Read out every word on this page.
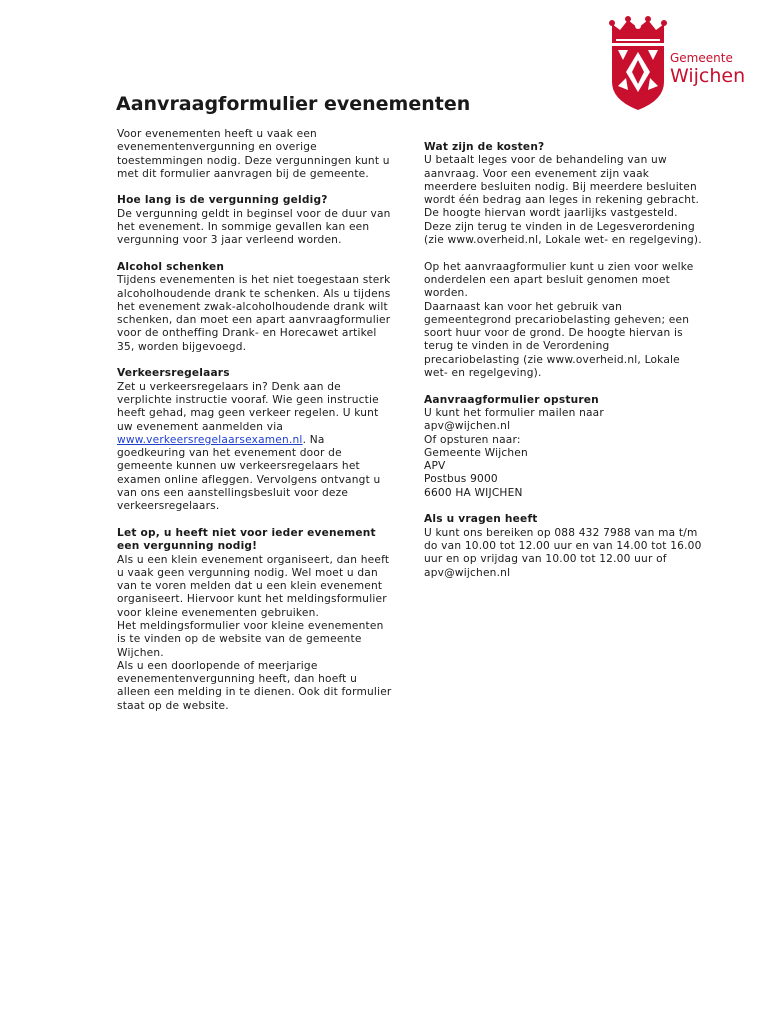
Gemeente
Wijchen
Aanvraagformulier evenementen
Voor evenementen heeft u vaak een evenementenvergunning en overige toestemmingen nodig. Deze vergunningen kunt u met dit formulier aanvragen bij de gemeente.
Hoe lang is de vergunning geldig?
De vergunning geldt in beginsel voor de duur van het evenement. In sommige gevallen kan een vergunning voor 3 jaar verleend worden.
Alcohol schenken
Tijdens evenementen is het niet toegestaan sterk alcoholhoudende drank te schenken. Als u tijdens het evenement zwak-alcoholhoudende drank wilt schenken, dan moet een apart aanvraagformulier voor de ontheffing Drank- en Horecawet artikel 35, worden bijgevoegd.
Verkeersregelaars
Zet u verkeersregelaars in? Denk aan de verplichte instructie vooraf. Wie geen instructie heeft gehad, mag geen verkeer regelen. U kunt uw evenement aanmelden via www.verkeersregelaarsexamen.nl. Na goedkeuring van het evenement door de gemeente kunnen uw verkeersregelaars het examen online afleggen. Vervolgens ontvangt u van ons een aanstellingsbesluit voor deze verkeersregelaars.
Let op, u heeft niet voor ieder evenement een vergunning nodig!
Als u een klein evenement organiseert, dan heeft u vaak geen vergunning nodig. Wel moet u dan van te voren melden dat u een klein evenement organiseert. Hiervoor kunt het meldingsformulier voor kleine evenementen gebruiken.
Het meldingsformulier voor kleine evenementen is te vinden op de website van de gemeente Wijchen.
Als u een doorlopende of meerjarige evenementenvergunning heeft, dan hoeft u alleen een melding in te dienen. Ook dit formulier staat op de website.
Wat zijn de kosten?
U betaalt leges voor de behandeling van uw aanvraag. Voor een evenement zijn vaak meerdere besluiten nodig. Bij meerdere besluiten wordt één bedrag aan leges in rekening gebracht. De hoogte hiervan wordt jaarlijks vastgesteld. Deze zijn terug te vinden in de Legesverordening (zie www.overheid.nl, Lokale wet- en regelgeving).
Op het aanvraagformulier kunt u zien voor welke onderdelen een apart besluit genomen moet worden.
Daarnaast kan voor het gebruik van gemeentegrond precariobelasting geheven; een soort huur voor de grond. De hoogte hiervan is terug te vinden in de Verordening precariobelasting (zie www.overheid.nl, Lokale wet- en regelgeving).
Aanvraagformulier opsturen
U kunt het formulier mailen naar
apv@wijchen.nl
Of opsturen naar:
Gemeente Wijchen
APV
Postbus 9000
6600 HA WIJCHEN
Als u vragen heeft
U kunt ons bereiken op 088 432 7988 van ma t/m do van 10.00 tot 12.00 uur en van 14.00 tot 16.00 uur en op vrijdag van 10.00 tot 12.00 uur of apv@wijchen.nl
